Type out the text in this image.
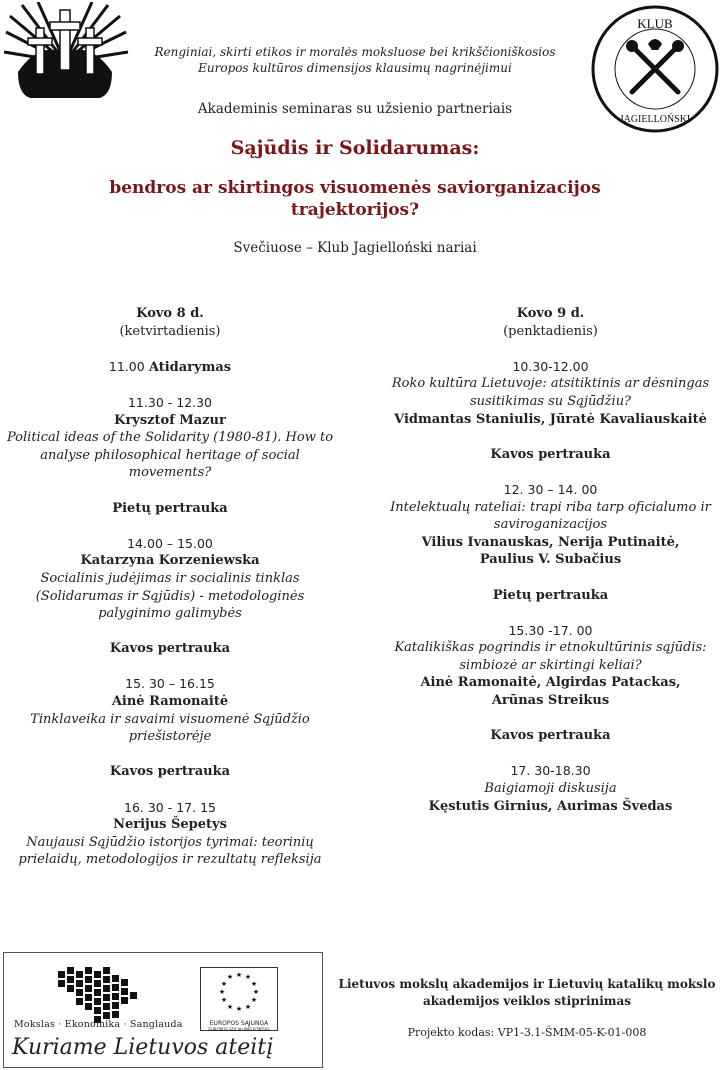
KLUB
JAGIELLOŃSKI
Renginiai, skirti etikos ir moralės moksluose bei krikščioniškosios
Europos kultūros dimensijos klausimų nagrinėjimui
Akademinis seminaras su užsienio partneriais
Sąjūdis ir Solidarumas:
bendros ar skirtingos visuomenės saviorganizacijos
trajektorijos?
Svečiuose – Klub Jagielloński nariai

Kovo 8 d.

(ketvirtadienis)

11.00 Atidarymas

11.30 - 12.30

Krysztof Mazur

Political ideas of the Solidarity (1980-81). How to

analyse philosophical heritage of social

movements?

Pietų pertrauka

14.00 – 15.00

Katarzyna Korzeniewska

Socialinis judėjimas ir socialinis tinklas

(Solidarumas ir Sąjūdis) - metodologinės

palyginimo galimybės

Kavos pertrauka

15. 30 – 16.15

Ainė Ramonaitė

Tinklaveika ir savaimi visuomenė Sąjūdžio

priešistorėje

Kavos pertrauka

16. 30 - 17. 15

Nerijus Šepetys

Naujausi Sąjūdžio istorijos tyrimai: teorinių

prielaidų, metodologijos ir rezultatų refleksija

Kovo 9 d.

(penktadienis)

10.30-12.00

Roko kultūra Lietuvoje: atsitiktinis ar dėsningas

susitikimas su Sąjūdžiu?

Vidmantas Staniulis, Jūratė Kavaliauskaitė

Kavos pertrauka

12. 30 – 14. 00

Intelektualų rateliai: trapi riba tarp oficialumo ir

saviroganizacijos

Vilius Ivanauskas, Nerija Putinaitė,

Paulius V. Subačius

Pietų pertrauka

15.30 -17. 00

Katalikiškas pogrindis ir etnokultūrinis sąjūdis:

simbiozė ar skirtingi keliai?

Ainė Ramonaitė, Algirdas Patackas,

Arūnas Streikus

Kavos pertrauka

17. 30-18.30

Baigiamoji diskusija

Kęstutis Girnius, Aurimas Švedas

Mokslas · Ekonomika · Sanglauda
★ ★
★
★
★
★
★
★
★
★
★
★
EUROPOS SĄJUNGA
EUROPOS SOCIALINIS FONDAS
Kuriame Lietuvos ateitį
Lietuvos mokslų akademijos ir Lietuvių katalikų mokslo
akademijos veiklos stiprinimas
Projekto kodas: VP1-3.1-ŠMM-05-K-01-008
